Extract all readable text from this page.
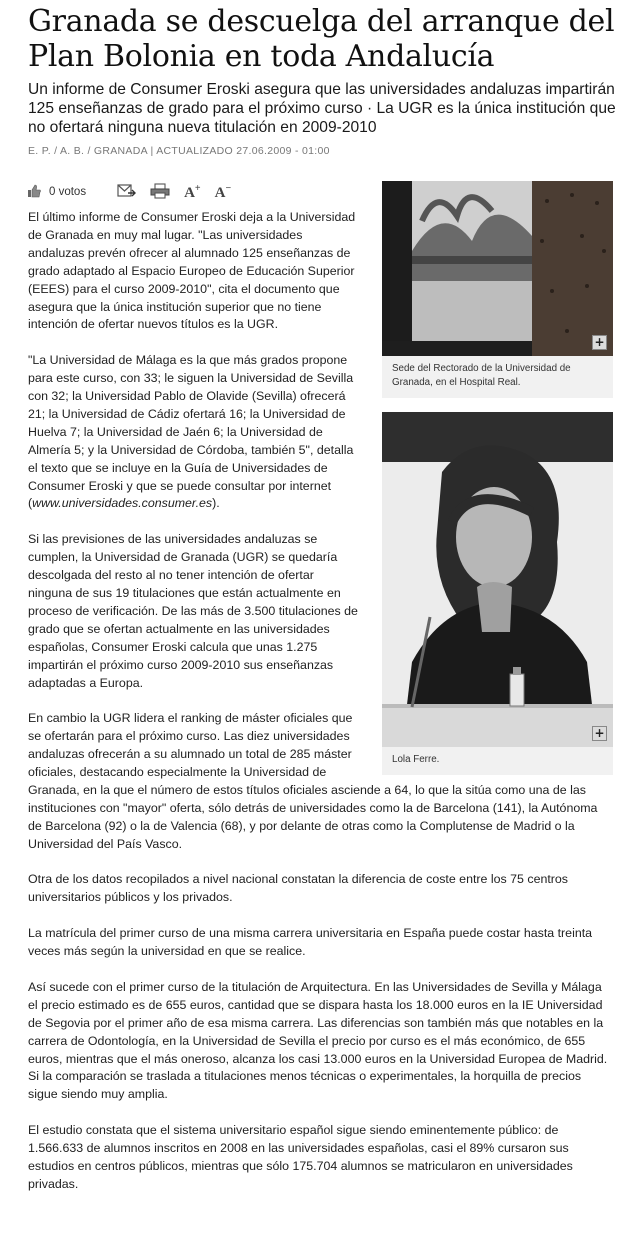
Granada se descuelga del arranque del Plan Bolonia en toda Andalucía

Un informe de Consumer Eroski asegura que las universidades andaluzas impartirán 125 enseñanzas de grado para el próximo curso · La UGR es la única institución que no ofertará ninguna nueva titulación en 2009-2010

E. P. / A. B. / GRANADA | ACTUALIZADO 27.06.2009 - 01:00
0 votos	A+ A−
+
Sede del Rectorado de la Universidad de Granada, en el Hospital Real.
+
Lola Ferre.

El último informe de Consumer Eroski deja a la Universidad de Granada en muy mal lugar. "Las universidades andaluzas prevén ofrecer al alumnado 125 enseñanzas de grado adaptado al Espacio Europeo de Educación Superior (EEES) para el curso 2009-2010", cita el documento que asegura que la única institución superior que no tiene intención de ofertar nuevos títulos es la UGR.

"La Universidad de Málaga es la que más grados propone para este curso, con 33; le siguen la Universidad de Sevilla con 32; la Universidad Pablo de Olavide (Sevilla) ofrecerá 21; la Universidad de Cádiz ofertará 16; la Universidad de Huelva 7; la Universidad de Jaén 6; la Universidad de Almería 5; y la Universidad de Córdoba, también 5", detalla el texto que se incluye en la Guía de Universidades de Consumer Eroski y que se puede consultar por internet (www.universidades.consumer.es).

Si las previsiones de las universidades andaluzas se cumplen, la Universidad de Granada (UGR) se quedaría descolgada del resto al no tener intención de ofertar ninguna de sus 19 titulaciones que están actualmente en proceso de verificación. De las más de 3.500 titulaciones de grado que se ofertan actualmente en las universidades españolas, Consumer Eroski calcula que unas 1.275 impartirán el próximo curso 2009-2010 sus enseñanzas adaptadas a Europa.

En cambio la UGR lidera el ranking de máster oficiales que se ofertarán para el próximo curso. Las diez universidades andaluzas ofrecerán a su alumnado un total de 285 máster oficiales, destacando especialmente la Universidad de Granada, en la que el número de estos títulos oficiales asciende a 64, lo que la sitúa como una de las instituciones con "mayor" oferta, sólo detrás de universidades como la de Barcelona (141), la Autónoma de Barcelona (92) o la de Valencia (68), y por delante de otras como la Complutense de Madrid o la Universidad del País Vasco.

Otra de los datos recopilados a nivel nacional constatan la diferencia de coste entre los 75 centros universitarios públicos y los privados.

La matrícula del primer curso de una misma carrera universitaria en España puede costar hasta treinta veces más según la universidad en que se realice.

Así sucede con el primer curso de la titulación de Arquitectura. En las Universidades de Sevilla y Málaga el precio estimado es de 655 euros, cantidad que se dispara hasta los 18.000 euros en la IE Universidad de Segovia por el primer año de esa misma carrera. Las diferencias son también más que notables en la carrera de Odontología, en la Universidad de Sevilla el precio por curso es el más económico, de 655 euros, mientras que el más oneroso, alcanza los casi 13.000 euros en la Universidad Europea de Madrid. Si la comparación se traslada a titulaciones menos técnicas o experimentales, la horquilla de precios sigue siendo muy amplia.

El estudio constata que el sistema universitario español sigue siendo eminentemente público: de 1.566.633 de alumnos inscritos en 2008 en las universidades españolas, casi el 89% cursaron sus estudios en centros públicos, mientras que sólo 175.704 alumnos se matricularon en universidades privadas.
